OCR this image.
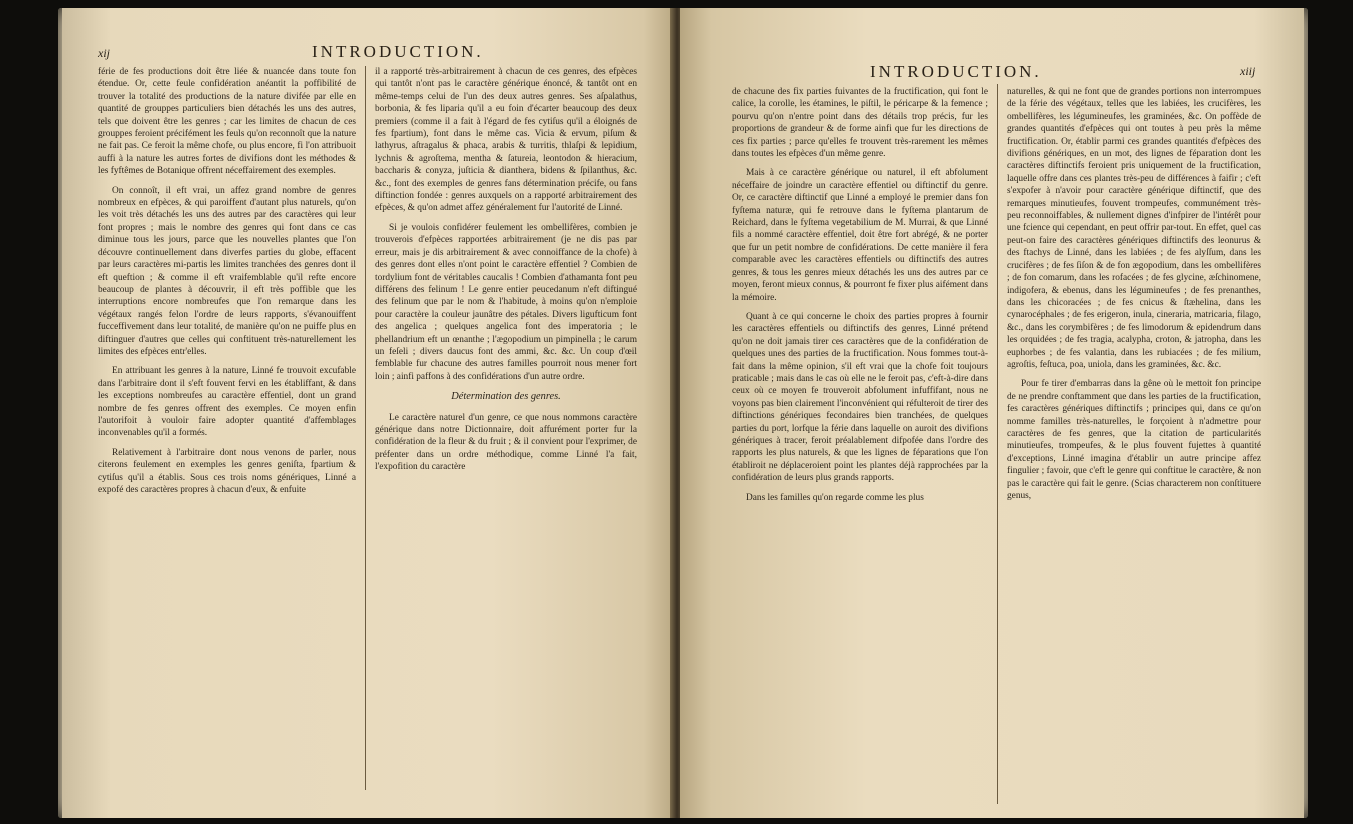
xij	INTRODUCTION.

férie de fes productions doit être liée & nuancée dans toute fon étendue. Or, cette feule confidération anéantit la poffibilité de trouver la totalité des productions de la nature divifée par elle en quantité de grouppes particuliers bien détachés les uns des autres, tels que doivent être les genres ; car les limites de chacun de ces grouppes feroient précifément les feuls qu'on reconnoît que la nature ne fait pas. Ce feroit la même chofe, ou plus encore, fi l'on attribuoit auffi à la nature les autres fortes de divifions dont les méthodes & les fyftêmes de Botanique offrent néceffairement des exemples.

On connoît, il eft vrai, un affez grand nombre de genres nombreux en efpèces, & qui paroiffent d'autant plus naturels, qu'on les voit très détachés les uns des autres par des caractères qui leur font propres ; mais le nombre des genres qui font dans ce cas diminue tous les jours, parce que les nouvelles plantes que l'on découvre continuellement dans diverfes parties du globe, effacent par leurs caractères mi-partis les limites tranchées des genres dont il eft queftion ; & comme il eft vraifemblable qu'il refte encore beaucoup de plantes à découvrir, il eft très poffible que les interruptions encore nombreufes que l'on remarque dans les végétaux rangés felon l'ordre de leurs rapports, s'évanouiffent fucceffivement dans leur totalité, de manière qu'on ne puiffe plus en diftinguer d'autres que celles qui conftituent très-naturellement les limites des efpèces entr'elles.

En attribuant les genres à la nature, Linné fe trouvoit excufable dans l'arbitraire dont il s'eft fouvent fervi en les établiffant, & dans les exceptions nombreufes au caractère effentiel, dont un grand nombre de fes genres offrent des exemples. Ce moyen enfin l'autorifoit à vouloir faire adopter quantité d'affemblages inconvenables qu'il a formés.

Relativement à l'arbitraire dont nous venons de parler, nous citerons feulement en exemples les genres geniſta, fpartium & cytiſus qu'il a établis. Sous ces trois noms génériques, Linné a expofé des caractères propres à chacun d'eux, & enfuite

il a rapporté très-arbitrairement à chacun de ces genres, des efpèces qui tantôt n'ont pas le caractère générique énoncé, & tantôt ont en même-temps celui de l'un des deux autres genres. Ses aſpalathus, borbonia, & fes liparia qu'il a eu foin d'écarter beaucoup des deux premiers (comme il a fait à l'égard de fes cytiſus qu'il a éloignés de fes fpartium), font dans le même cas. Vicia & ervum, piſum & lathyrus, aſtragalus & phaca, arabis & turritis, thlaſpi & lepidium, lychnis & agroſtema, mentha & ſatureia, leontodon & hieracium, baccharis & conyza, juſticia & dianthera, bidens & ſpilanthus, &c. &c., font des exemples de genres fans détermination précife, ou fans diftinction fondée : genres auxquels on a rapporté arbitrairement des efpèces, & qu'on admet affez généralement fur l'autorité de Linné.

Si je voulois confidérer feulement les ombellifères, combien je trouverois d'efpèces rapportées arbitrairement (je ne dis pas par erreur, mais je dis arbitrairement & avec connoiffance de la chofe) à des genres dont elles n'ont point le caractère effentiel ? Combien de tordylium font de véritables caucalis ! Combien d'athamanta font peu différens des felinum ! Le genre entier peucedanum n'eft diftingué des felinum que par le nom & l'habitude, à moins qu'on n'emploie pour caractère la couleur jaunâtre des pétales. Divers ligufticum font des angelica ; quelques angelica font des imperatoria ; le phellandrium eft un œnanthe ; l'ægopodium un pimpinella ; le carum un feſeli ; divers daucus font des ammi, &c. &c. Un coup d'œil femblable fur chacune des autres familles pourroit nous mener fort loin ; ainfi paffons à des confidérations d'un autre ordre.

Détermination des genres.

Le caractère naturel d'un genre, ce que nous nommons caractère générique dans notre Dictionnaire, doit affurément porter fur la confidération de la fleur & du fruit ; & il convient pour l'exprimer, de préfenter dans un ordre méthodique, comme Linné l'a fait, l'expofition du caractère

INTRODUCTION.	xiij

de chacune des fix parties fuivantes de la fructification, qui font le calice, la corolle, les étamines, le piſtil, le péricarpe & la femence ; pourvu qu'on n'entre point dans des détails trop précis, fur les proportions de grandeur & de forme ainfi que fur les directions de ces fix parties ; parce qu'elles fe trouvent très-rarement les mêmes dans toutes les efpèces d'un même genre.

Mais à ce caractère générique ou naturel, il eft abfolument néceffaire de joindre un caractère effentiel ou diftinctif du genre. Or, ce caractère diftinctif que Linné a employé le premier dans fon fyſtema naturæ, qui fe retrouve dans le fyſtema plantarum de Reichard, dans le fyſtema vegetabilium de M. Murrai, & que Linné fils a nommé caractère effentiel, doit être fort abrégé, & ne porter que fur un petit nombre de confidérations. De cette manière il fera comparable avec les caractères effentiels ou diftinctifs des autres genres, & tous les genres mieux détachés les uns des autres par ce moyen, feront mieux connus, & pourront fe fixer plus aifément dans la mémoire.

Quant à ce qui concerne le choix des parties propres à fournir les caractères effentiels ou diftinctifs des genres, Linné prétend qu'on ne doit jamais tirer ces caractères que de la confidération de quelques unes des parties de la fructification. Nous fommes tout-à-fait dans la même opinion, s'il eft vrai que la chofe foit toujours praticable ; mais dans le cas où elle ne le feroit pas, c'eft-à-dire dans ceux où ce moyen fe trouveroit abfolument infuffifant, nous ne voyons pas bien clairement l'inconvénient qui réfulteroit de tirer des diftinctions génériques fecondaires bien tranchées, de quelques parties du port, lorfque la férie dans laquelle on auroit des divifions génériques à tracer, feroit préalablement difpofée dans l'ordre des rapports les plus naturels, & que les lignes de féparations que l'on établiroit ne déplaceroient point les plantes déjà rapprochées par la confidération de leurs plus grands rapports.

Dans les familles qu'on regarde comme les plus

naturelles, & qui ne font que de grandes portions non interrompues de la férie des végétaux, telles que les labiées, les crucifères, les ombellifères, les légumineufes, les graminées, &c. On poffède de grandes quantités d'efpèces qui ont toutes à peu près la même fructification. Or, établir parmi ces grandes quantités d'efpèces des divifions génériques, en un mot, des lignes de féparation dont les caractères diftinctifs feroient pris uniquement de la fructification, laquelle offre dans ces plantes très-peu de différences à faifir ; c'eft s'expofer à n'avoir pour caractère générique diftinctif, que des remarques minutieufes, fouvent trompeufes, communément très-peu reconnoiffables, & nullement dignes d'infpirer de l'intérêt pour une fcience qui cependant, en peut offrir par-tout. En effet, quel cas peut-on faire des caractères génériques diftinctifs des leonurus & des ftachys de Linné, dans les labiées ; de fes alyſſum, dans les crucifères ; de fes ſiſon & de fon ægopodium, dans les ombellifères ; de fon comarum, dans les rofacées ; de fes glycine, æſchinomene, indigofera, & ebenus, dans les légumineufes ; de fes prenanthes, dans les chicoracées ; de fes cnicus & ſtæhelina, dans les cynarocéphales ; de fes erigeron, inula, cineraria, matricaria, filago, &c., dans les corymbifères ; de fes limodorum & epidendrum dans les orquidées ; de fes tragia, acalypha, croton, & jatropha, dans les euphorbes ; de fes valantia, dans les rubiacées ; de fes milium, agroſtis, feſtuca, poa, uniola, dans les graminées, &c. &c.

Pour fe tirer d'embarras dans la gêne où le mettoit fon principe de ne prendre conftamment que dans les parties de la fructification, fes caractères génériques diftinctifs ; principes qui, dans ce qu'on nomme familles très-naturelles, le forçoient à n'admettre pour caractères de fes genres, que la citation de particularités minutieufes, trompeufes, & le plus fouvent fujettes à quantité d'exceptions, Linné imagina d'établir un autre principe affez fingulier ; favoir, que c'eft le genre qui conftitue le caractère, & non pas le caractère qui fait le genre. (Scias characterem non conſtituere genus,
